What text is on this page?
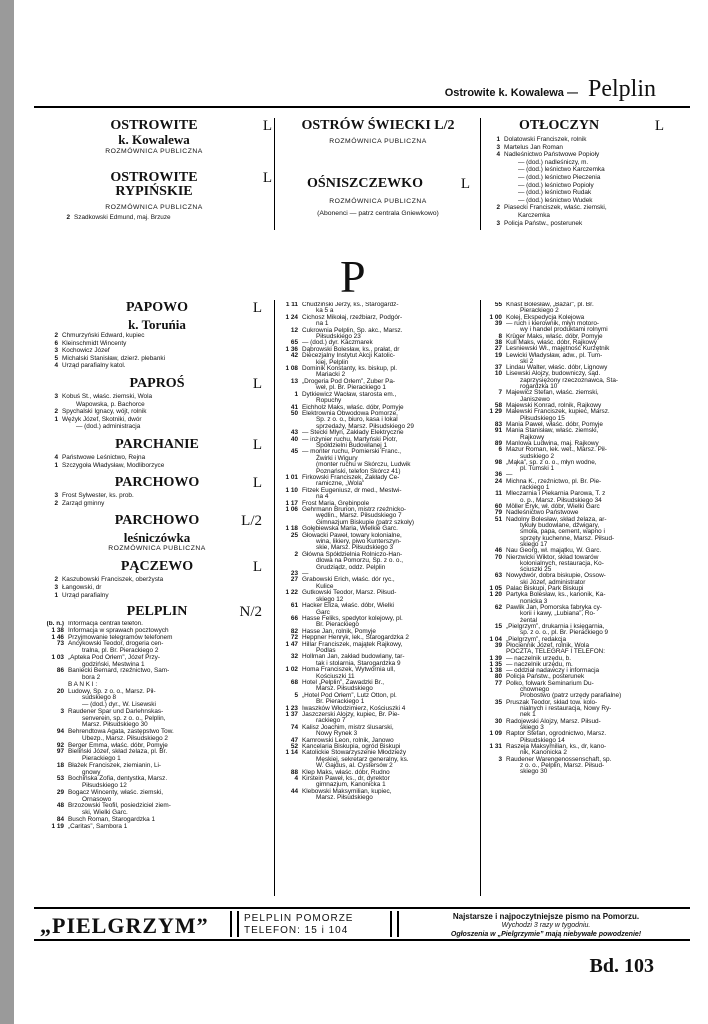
Ostrowite k. Kowalewa — Pelplin
OSTROWITE	L
k. Kowalewa
ROZMÓWNICA PUBLICZNA
OSTROWITE	L
RYPIŃSKIE
ROZMÓWNICA PUBLICZNA
2 Szadkowski Edmund, maj. Brzuze
OSTRÓW ŚWIECKI L/2
ROZMÓWNICA PUBLICZNA
OŚNISZCZEWKO	L
ROZMÓWNICA PUBLICZNA
(Abonenci — patrz centrala Gniewkowo)
OTŁOCZYN	L
1 Dolatowski Franciszek, rolnik
3 Martelus Jan Roman
4 Nadleśnictwo Państwowe Popioły
— (dod.) nadleśniczy, m.
— (dod.) leśnictwo Karczemka
— (dod.) leśnictwo Pieczenia
— (dod.) leśnictwo Popioły
— (dod.) leśnictwo Rudak
— (dod.) leśnictwo Wudek
2 Piasecki Franciszek, właśc. ziemski,
Karczemka
3 Policja Państw., posterunek
P
PAPOWO	L
k. Toruńia
2 Chmurzyński Edward, kupiec
6 Kleinschmidt Wincenty
3 Kochowicz Józef
5 Michalski Stanisław, dzierż. plebanki
4 Urząd parafialny katol.
PAPROŚ	L
3 Kobuś St., właśc. ziemski, Wola
Wapowska, p. Bachorce
2 Spychalski Ignacy, wójt, rolnik
1 Wężyk Józef, Skotniki, dwór
— (dod.) administracja
PARCHANIE	L
4 Państwowe Leśnictwo, Rejna
1 Szczygoła Władysław, Modliborzyce
PARCHOWO	L
3 Frost Sylwester, ks. prob.
2 Zarząd gminny
PARCHOWO	L/2
leśniczówka
ROZMÓWNICA PUBLICZNA
PĄCZEWO	L
2 Kaszubowski Franciszek, oberżysta
3 Łangowski, dr
1 Urząd parafialny
PELPLIN	N/2
(b. n.) Informacja centrali telefon.
1 38 Informacja w sprawach pocztowych
1 46 Przyjmowanie telegramów telefonem
73 Ancykowski Teodor, drogeria cen-
tralna, pl. Br. Pierackiego 2
1 03 „Apteka Pod Orłem”, Józef Przy-
godziński, Mestwina 1
86 Baniecki Bernard, rzeźnictwo, Sam-
bora 2
B A N K I :
20 Ludowy, Sp. z o. o., Marsz. Pił-
sudskiego 8
— (dod.) dyr., W. Lisewski
3 Raudener Spar und Darlehnskas-
senverein, sp. z o. o., Pelplin,
Marsz. Piłsudskiego 30
94 Behrendtowa Agata, zastępstwo Tow.
Ubezp., Marsz. Piłsudskiego 2
92 Berger Emma, właśc. dóbr, Pomyje
97 Bieliński Józef, skład żelaza, pl. Br.
Pierackiego 1
18 Błażek Franciszek, ziemianin, Li-
gnowy
53 Bochińska Zofia, dentystka, Marsz.
Piłsudskiego 12
29 Bogacz Wincenty, właśc. ziemski,
Ornasowo
48 Brzozowski Teofil, posiedziciel ziem-
ski, Wielki Garc.
84 Busch Roman, Starogardzka 1
1 19 „Caritas”, Sambora 1
1 11 Chudziński Jerzy, ks., Starogardz-
ka 5 a
1 24 Cichosz Mikołaj, rzeźbiarz, Podgór-
na 1
12 Cukrownia Pelplin, Sp. akc., Marsz.
Piłsudskiego 23
65 — (dod.) dyr. Kaczmarek
1 36 Dąbrowski Bolesław, ks., prałat, dr
42 Diecezjalny Instytut Akcji Katolic-
kiej, Pelplin
1 08 Dominik Konstanty, ks. biskup, pl.
Mariacki 2
13 „Drogeria Pod Orłem”, Zuber Pa-
weł, pl. Br. Pierackiego 1
1 Dytkiewicz Wacław, starosta em.,
Ropuchy
41 Eichholz Maks, właśc. dóbr, Pomyje
50 Elektrownia Obwodowa Pomorze,
Sp. z o. o., biuro, kasa i lokal
sprzedaży, Marsz. Piłsudskiego 29
43 — Stecki Mlyn, Zakłady Elektryczne
40 — inżynier ruchu, Martyński Piotr,
Spółdzielni Budowlanej 1
45 — monter ruchu, Pomierski Franc.,
Żwirki i Wigury
(monter ruchu w Skórczu, Ludwik
Poznański, telefon Skórcz 41)
1 01 Firkowski Franciszek, Zakłady Ce-
ramiczne, „Wola”
1 10 Fitzek Eugeniusz, dr med., Mestwi-
na 4
1 17 Frost Maria, Grębinpole
1 06 Gehrmann Brunon, mistrz rzeźnicko-
wędlin., Marsz. Piłsudskiego 7
Gimnazjum Biskupie (patrz szkoły)
1 18 Gołębiewska Maria, Wielkie Garc.
25 Głowacki Paweł, towary kolonialne,
wina, likiery, piwo Kunterszyn-
skie, Marsz. Piłsudskiego 3
2 Główna Spółdzielnia Rolniczo-Han-
dlowa na Pomorzu, Sp. z o. o.,
Grudziądz, oddz. Pelplin
23 —
27 Grabowski Erich, właśc. dór ryc.,
Kulice
1 22 Gutkowski Teodor, Marsz. Piłsud-
skiego 12
61 Hacker Eliza, właśc. dóbr, Wielki
Garc
66 Hasse Feliks, spedytor kolejowy, pl.
Br. Pierackiego
82 Hasse Jan, rolnik, Pomyje
72 Heppner Henryk, lek., Starogardzka 2
1 47 Hillar Franciszek, majątek Rajkowy,
Podlas
32 Hollman Jan, zakład budowlany, tar-
tak i stolarnia, Starogardzka 9
1 02 Homa Franciszek, Wytwórnia ull,
Kościuszki 11
68 Hotel „Pelplin”, Zawadzki Br.,
Marsz. Piłsudskiego
5 „Hotel Pod Orłem”, Lutz Otton, pl.
Br. Pierackiego 1
1 23 Iwaszków Włodzimierz, Kościuszki 4
1 37 Jaszczerski Alojzy, kupiec, Br. Pie-
rackiego 7
74 Kalisz Joachim, mistrz ślusarski,
Nowy Rynek 3
47 Kamrowski Leon, rolnik, Janowo
52 Kancelaria Biskupia, ogród Biskupi
1 14 Katolickie Stowarzyszenie Młodzieży
Męskiej, sekretarz generalny, ks.
W. Gajdus, al. Cystersów 2
88 Klep Maks, właśc. dóbr, Rudno
4 Kirstein Paweł, ks., dr, dyrektor
gimnazjum, Kanonicka 1
44 Klebowski Maksymilian, kupiec,
Marsz. Piłsudskiego
55 Knast Bolesław, „Bazar”, pl. Br.
Pierackiego 2
1 00 Kolej, Ekspedycja Kolejowa
39 — ruch i kierownik, młyn motoro-
wy i handel produktami rolnymi
8 Krüger Maks, właśc. dóbr, Pomyje
38 Kull Maks, właśc. dóbr, Rajkowy
27 Lesniewski Wł., majętność Kurzętnik
19 Lewicki Władysław, adw., pl. Tum-
ski 2
37 Lindau Walter, właśc. dóbr, Lignowy
10 Lisewski Alojzy, budowniczy, sąd.
zaprzysiężony rzeczoznawca, Sta-
rogardzka 10
7 Majewicz Stefan, właśc. ziemski,
Janiszewo
58 Majewski Konrad, rolnik, Rajkowy
1 29 Malewski Franciszek, kupiec, Marsz.
Piłsudskiego 15
83 Mania Paweł, właśc. dóbr, Pomyje
91 Mania Stanisław, właśc. ziemski,
Rajkowy
89 Manlowa Ludwina, maj. Rajkowy
6 Mazur Roman, lek. wet., Marsz. Pił-
sudskiego 2
98 „Mąka”, sp. z o. o., młyn wodne,
pl. Tumski 1
36 —
24 Michna K., rzeźnictwo, pl. Br. Pie-
rackiego 1
11 Mleczarnia i Piekarnia Parowa, T. z
o. p., Marsz. Piłsudskiego 34
60 Möller Eryk, wł. dóbr, Wielki Garc
79 Nadleśnictwo Państwowe
51 Nadolny Bolesław, skład żelaza, ar-
tykuły budowlane, dźwigary,
smoła, papa, cement, wapno i
sprzęty kuchenne, Marsz. Piłsud-
skiego 17
46 Nau Georg, wł. majątku, W. Garc.
70 Nierzwicki Wiktor, skład towarów
kolonialnych, restauracja, Ko-
ściuszki 25
63 Nowydwór, dobra biskupie, Ossow-
ski Józef, administrator
1 05 Palac Biskupi, Park Biskupi
1 20 Partyka Bolesław, ks., kanonik, Ka-
nonicka 3
62 Pawlik Jan, Pomorska fabryka cy-
korii i kawy, „Lubiana”, Ro-
żental
15 „Pielgrzym”, drukarnia i księgarnia,
sp. z o. o., pl. Br. Pierackiego 9
1 04 „Pielgrzym”, redakcja
39 Płociennik Józef, rolnik, Wola
POCZTA, TELEGRAF I TELEFON:
1 39 — naczelnik urzędu, b.
1 35 — naczelnik urzędu, m.
1 38 — oddział nadawczy i informacja
80 Policja Państw., posterunek
77 Polko, folwark Seminarium Du-
chownego
Probostwo (patrz urzędy parafialne)
35 Pruszak Teodor, skład tow. kolo-
nialnych i restauracja, Nowy Ry-
nek 1
30 Radojewski Alojzy, Marsz. Piłsud-
skiego 3
1 09 Raptor Stefan, ogrodnictwo, Marsz.
Piłsudskiego 14
1 31 Raszeja Maksymilian, ks., dr, kano-
nik, Kanonicka 2
3 Raudener Warengenossenschaft, sp.
z o. o., Pelplin, Marsz. Piłsud-
skiego 30
„PIELGRZYM”	PELPLIN POMORZE
TELEFON: 15 i 104
Najstarsze i najpoczytniejsze pismo na Pomorzu.
Wychodzi 3 razy w tygodniu.
Ogłoszenia w „Pielgrzymie” mają niebywałe powodzenie!
Bd. 103
